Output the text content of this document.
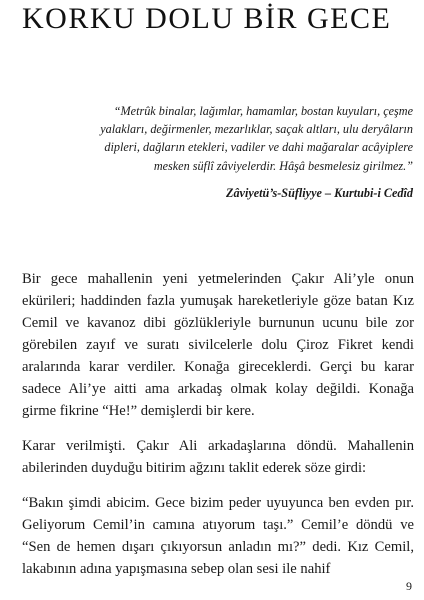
KORKU DOLU BİR GECE

“Metrûk binalar, lağımlar, hamamlar, bostan kuyuları, çeşme yalakları, değirmenler, mezarlıklar, saçak altları, ulu deryâların dipleri, dağların etekleri, vadiler ve dahi mağaralar acâyiplere mesken süflî zâviyelerdir. Hâşâ besmelesiz girilmez.”

Zâviyetü’s-Süfliyye – Kurtubi-i Cedîd

Bir gece mahallenin yeni yetmelerinden Çakır Ali’yle onun ekürileri; haddinden fazla yumuşak hareketleriyle göze batan Kız Cemil ve kavanoz dibi gözlükleriyle burnunun ucunu bile zor görebilen zayıf ve suratı sivilcelerle dolu Çiroz Fikret kendi aralarında karar verdiler. Konağa gireceklerdi. Gerçi bu karar sadece Ali’ye aitti ama arkadaş olmak kolay değildi. Konağa girme fikrine “He!” demişlerdi bir kere.

Karar verilmişti. Çakır Ali arkadaşlarına döndü. Mahallenin abilerinden duyduğu bitirim ağzını taklit ederek söze girdi:

“Bakın şimdi abicim. Gece bizim peder uyuyunca ben evden pır. Geliyorum Cemil’in camına atıyorum taşı.” Cemil’e döndü ve “Sen de hemen dışarı çıkıyorsun anladın mı?” dedi. Kız Cemil, lakabının adına yapışmasına sebep olan sesi ile nahif

9
